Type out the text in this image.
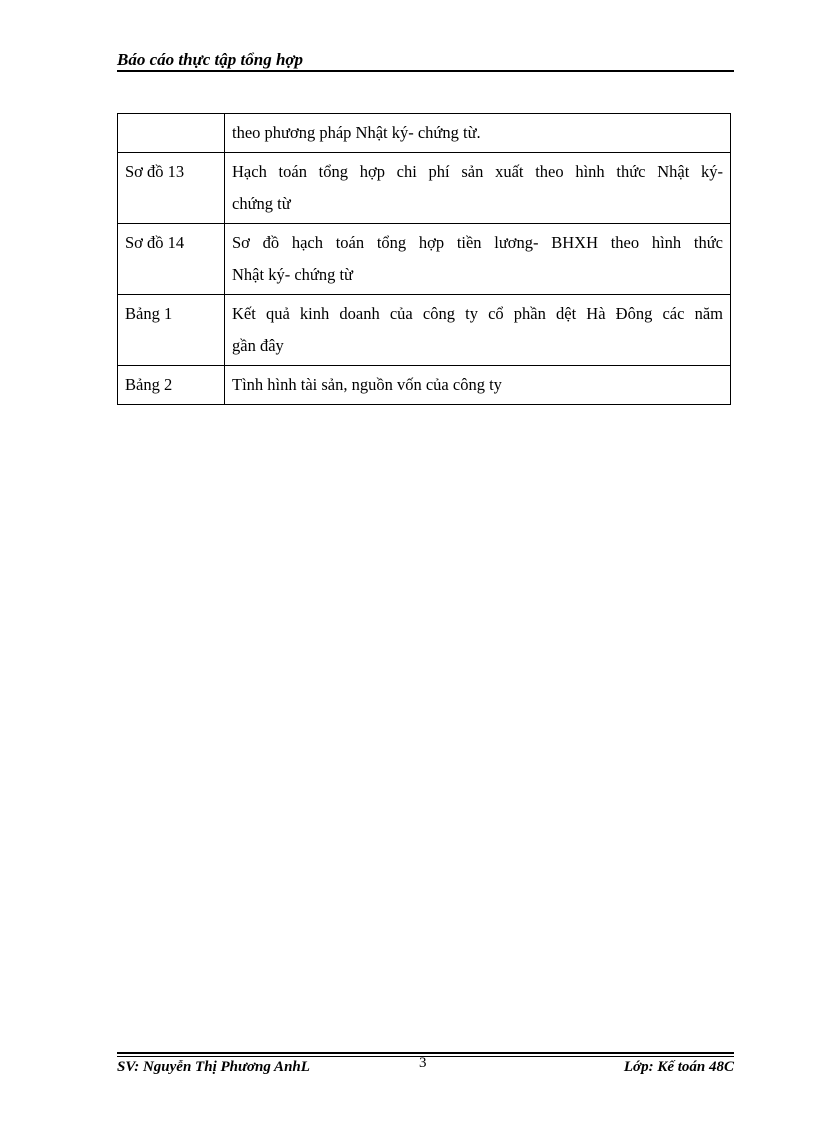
Báo cáo thực tập tổng hợp

	theo phương pháp Nhật ký- chứng từ.

Sơ đồ 13	Hạch toán tổng hợp chi phí sản xuất theo hình thức Nhật ký-
chứng từ

Sơ đồ 14	Sơ đồ hạch toán tổng hợp tiền lương- BHXH theo hình thức
Nhật ký- chứng từ

Bảng 1	Kết quả kinh doanh của công ty cổ phần dệt Hà Đông các năm
gần đây

Bảng 2	Tình hình tài sản, nguồn vốn của công ty
SV: Nguyễn Thị Phương AnhL	3	Lớp: Kế toán 48C
